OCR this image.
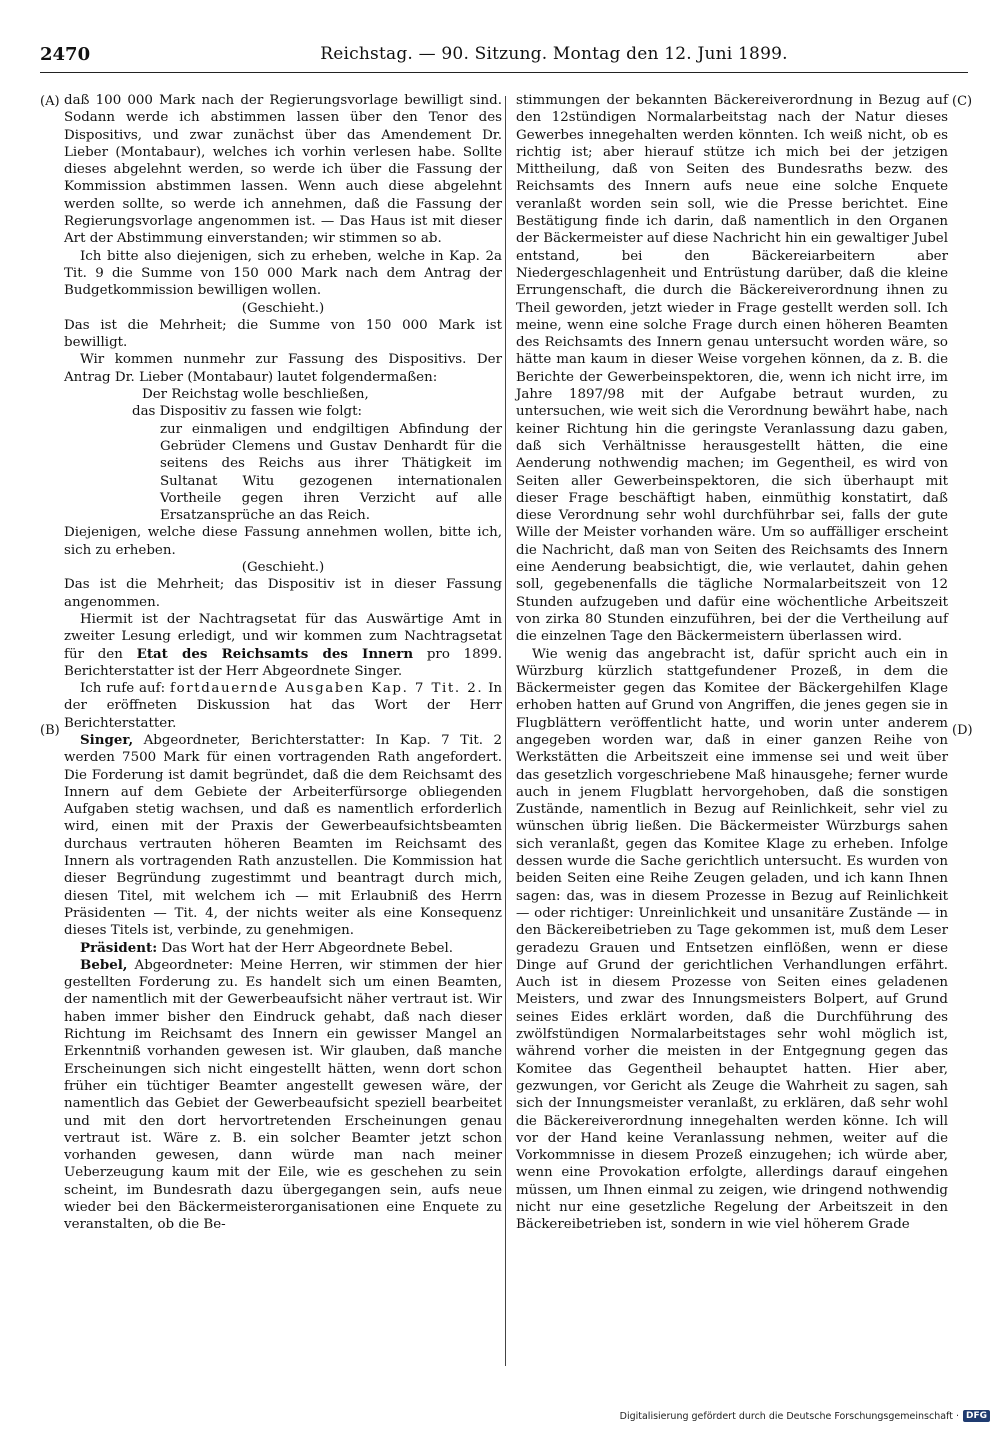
2470	Reichstag. — 90. Sitzung. Montag den 12. Juni 1899.
(A)
(B)
(C)
(D)

daß 100 000 Mark nach der Regierungsvorlage bewilligt sind. Sodann werde ich abstimmen lassen über den Tenor des Dispositivs, und zwar zunächst über das Amendement Dr. Lieber (Montabaur), welches ich vorhin verlesen habe. Sollte dieses abgelehnt werden, so werde ich über die Fassung der Kommission abstimmen lassen. Wenn auch diese abgelehnt werden sollte, so werde ich annehmen, daß die Fassung der Regierungsvorlage angenommen ist. — Das Haus ist mit dieser Art der Abstimmung einverstanden; wir stimmen so ab.

Ich bitte also diejenigen, sich zu erheben, welche in Kap. 2a Tit. 9 die Summe von 150 000 Mark nach dem Antrag der Budgetkommission bewilligen wollen.

(Geschieht.)

Das ist die Mehrheit; die Summe von 150 000 Mark ist bewilligt.

Wir kommen nunmehr zur Fassung des Dispositivs. Der Antrag Dr. Lieber (Montabaur) lautet folgendermaßen:

Der Reichstag wolle beschließen,

das Dispositiv zu fassen wie folgt:

zur einmaligen und endgiltigen Abfindung der Gebrüder Clemens und Gustav Denhardt für die seitens des Reichs aus ihrer Thätigkeit im Sultanat Witu gezogenen internationalen Vortheile gegen ihren Verzicht auf alle Ersatzansprüche an das Reich.

Diejenigen, welche diese Fassung annehmen wollen, bitte ich, sich zu erheben.

(Geschieht.)

Das ist die Mehrheit; das Dispositiv ist in dieser Fassung angenommen.

Hiermit ist der Nachtragsetat für das Auswärtige Amt in zweiter Lesung erledigt, und wir kommen zum Nachtragsetat für den Etat des Reichsamts des Innern pro 1899. Berichterstatter ist der Herr Abgeordnete Singer.

Ich rufe auf: fortdauernde Ausgaben Kap. 7 Tit. 2. In der eröffneten Diskussion hat das Wort der Herr Berichterstatter.

Singer, Abgeordneter, Berichterstatter: In Kap. 7 Tit. 2 werden 7500 Mark für einen vortragenden Rath angefordert. Die Forderung ist damit begründet, daß die dem Reichsamt des Innern auf dem Gebiete der Arbeiterfürsorge obliegenden Aufgaben stetig wachsen, und daß es namentlich erforderlich wird, einen mit der Praxis der Gewerbeaufsichtsbeamten durchaus vertrauten höheren Beamten im Reichsamt des Innern als vortragenden Rath anzustellen. Die Kommission hat dieser Begründung zugestimmt und beantragt durch mich, diesen Titel, mit welchem ich — mit Erlaubniß des Herrn Präsidenten — Tit. 4, der nichts weiter als eine Konsequenz dieses Titels ist, verbinde, zu genehmigen.

Präsident: Das Wort hat der Herr Abgeordnete Bebel.

Bebel, Abgeordneter: Meine Herren, wir stimmen der hier gestellten Forderung zu. Es handelt sich um einen Beamten, der namentlich mit der Gewerbeaufsicht näher vertraut ist. Wir haben immer bisher den Eindruck gehabt, daß nach dieser Richtung im Reichsamt des Innern ein gewisser Mangel an Erkenntniß vorhanden gewesen ist. Wir glauben, daß manche Erscheinungen sich nicht eingestellt hätten, wenn dort schon früher ein tüchtiger Beamter angestellt gewesen wäre, der namentlich das Gebiet der Gewerbeaufsicht speziell bearbeitet und mit den dort hervortretenden Erscheinungen genau vertraut ist. Wäre z. B. ein solcher Beamter jetzt schon vorhanden gewesen, dann würde man nach meiner Ueberzeugung kaum mit der Eile, wie es geschehen zu sein scheint, im Bundesrath dazu übergegangen sein, aufs neue wieder bei den Bäckermeisterorganisationen eine Enquete zu veranstalten, ob die Be-

stimmungen der bekannten Bäckereiverordnung in Bezug auf den 12stündigen Normalarbeitstag nach der Natur dieses Gewerbes innegehalten werden könnten. Ich weiß nicht, ob es richtig ist; aber hierauf stütze ich mich bei der jetzigen Mittheilung, daß von Seiten des Bundesraths bezw. des Reichsamts des Innern aufs neue eine solche Enquete veranlaßt worden sein soll, wie die Presse berichtet. Eine Bestätigung finde ich darin, daß namentlich in den Organen der Bäckermeister auf diese Nachricht hin ein gewaltiger Jubel entstand, bei den Bäckereiarbeitern aber Niedergeschlagenheit und Entrüstung darüber, daß die kleine Errungenschaft, die durch die Bäckereiverordnung ihnen zu Theil geworden, jetzt wieder in Frage gestellt werden soll. Ich meine, wenn eine solche Frage durch einen höheren Beamten des Reichsamts des Innern genau untersucht worden wäre, so hätte man kaum in dieser Weise vorgehen können, da z. B. die Berichte der Gewerbeinspektoren, die, wenn ich nicht irre, im Jahre 1897/98 mit der Aufgabe betraut wurden, zu untersuchen, wie weit sich die Verordnung bewährt habe, nach keiner Richtung hin die geringste Veranlassung dazu gaben, daß sich Verhältnisse herausgestellt hätten, die eine Aenderung nothwendig machen; im Gegentheil, es wird von Seiten aller Gewerbeinspektoren, die sich überhaupt mit dieser Frage beschäftigt haben, einmüthig konstatirt, daß diese Verordnung sehr wohl durchführbar sei, falls der gute Wille der Meister vorhanden wäre. Um so auffälliger erscheint die Nachricht, daß man von Seiten des Reichsamts des Innern eine Aenderung beabsichtigt, die, wie verlautet, dahin gehen soll, gegebenenfalls die tägliche Normalarbeitszeit von 12 Stunden aufzugeben und dafür eine wöchentliche Arbeitszeit von zirka 80 Stunden einzuführen, bei der die Vertheilung auf die einzelnen Tage den Bäckermeistern überlassen wird.

Wie wenig das angebracht ist, dafür spricht auch ein in Würzburg kürzlich stattgefundener Prozeß, in dem die Bäckermeister gegen das Komitee der Bäckergehilfen Klage erhoben hatten auf Grund von Angriffen, die jenes gegen sie in Flugblättern veröffentlicht hatte, und worin unter anderem angegeben worden war, daß in einer ganzen Reihe von Werkstätten die Arbeitszeit eine immense sei und weit über das gesetzlich vorgeschriebene Maß hinausgehe; ferner wurde auch in jenem Flugblatt hervorgehoben, daß die sonstigen Zustände, namentlich in Bezug auf Reinlichkeit, sehr viel zu wünschen übrig ließen. Die Bäckermeister Würzburgs sahen sich veranlaßt, gegen das Komitee Klage zu erheben. Infolge dessen wurde die Sache gerichtlich untersucht. Es wurden von beiden Seiten eine Reihe Zeugen geladen, und ich kann Ihnen sagen: das, was in diesem Prozesse in Bezug auf Reinlichkeit — oder richtiger: Unreinlichkeit und unsanitäre Zustände — in den Bäckereibetrieben zu Tage gekommen ist, muß dem Leser geradezu Grauen und Entsetzen einflößen, wenn er diese Dinge auf Grund der gerichtlichen Verhandlungen erfährt. Auch ist in diesem Prozesse von Seiten eines geladenen Meisters, und zwar des Innungsmeisters Bolpert, auf Grund seines Eides erklärt worden, daß die Durchführung des zwölfstündigen Normalarbeitstages sehr wohl möglich ist, während vorher die meisten in der Entgegnung gegen das Komitee das Gegentheil behauptet hatten. Hier aber, gezwungen, vor Gericht als Zeuge die Wahrheit zu sagen, sah sich der Innungsmeister veranlaßt, zu erklären, daß sehr wohl die Bäckereiverordnung innegehalten werden könne. Ich will vor der Hand keine Veranlassung nehmen, weiter auf die Vorkommnisse in diesem Prozeß einzugehen; ich würde aber, wenn eine Provokation erfolgte, allerdings darauf eingehen müssen, um Ihnen einmal zu zeigen, wie dringend nothwendig nicht nur eine gesetzliche Regelung der Arbeitszeit in den Bäckereibetrieben ist, sondern in wie viel höherem Grade

Digitalisierung gefördert durch die Deutsche Forschungsgemeinschaft · DFG
